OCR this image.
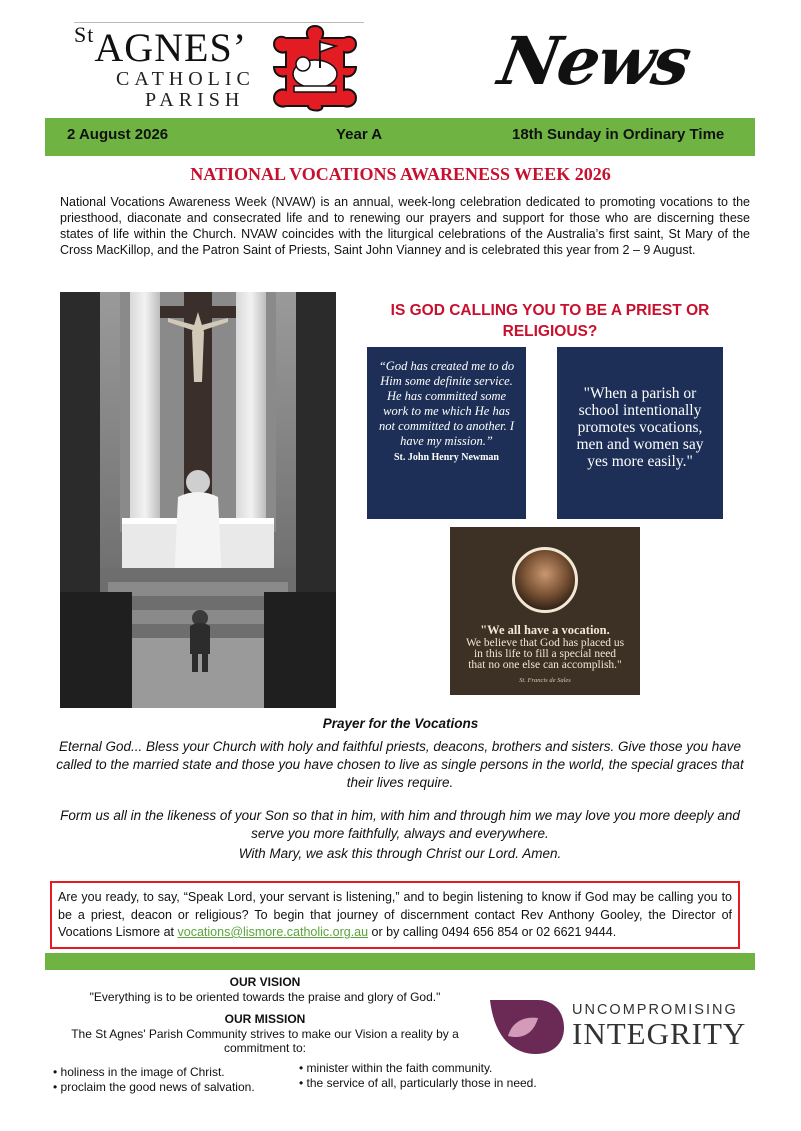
$^{St}$AGNES’
CATHOLIC
PARISH	News
2 August 2026	Year A	18th Sunday in Ordinary Time
NATIONAL VOCATIONS AWARENESS WEEK 2026
National Vocations Awareness Week (NVAW) is an annual, week-long celebration dedicated to promoting vocations to the priesthood, diaconate and consecrated life and to renewing our prayers and support for those who are discerning these states of life within the Church. NVAW coincides with the liturgical celebrations of the Australia’s first saint, St Mary of the Cross MacKillop, and the Patron Saint of Priests, Saint John Vianney and is celebrated this year from 2 – 9 August.
IS GOD CALLING YOU TO BE A PRIEST OR RELIGIOUS?
“God has created me to do Him some definite service. He has committed some work to me which He has not committed to another. I have my mission.”
St. John Henry Newman
"When a parish or school intentionally promotes vocations, men and women say yes more easily."
"We all have a vocation.
We believe that God has placed us in this life to fill a special need that no one else can accomplish."
St. Francis de Sales
Prayer for the Vocations
Eternal God... Bless your Church with holy and faithful priests, deacons, brothers and sisters. Give those you have called to the married state and those you have chosen to live as single persons in the world, the special graces that their lives require.
Form us all in the likeness of your Son so that in him, with him and through him we may love you more deeply and serve you more faithfully, always and everywhere.
With Mary, we ask this through Christ our Lord. Amen.

Are you ready, to say, “Speak Lord, your servant is listening,” and to begin listening to know if God may be calling you to be a priest, deacon or religious? To begin that journey of discernment contact Rev Anthony Gooley, the Director of Vocations Lismore at vocations@lismore.catholic.org.au or by calling 0494 656 854 or 02 6621 9444.

OUR VISION
"Everything is to be oriented towards the praise and glory of God."
OUR MISSION
The St Agnes' Parish Community strives to make our Vision a reality by a commitment to:
• holiness in the image of Christ.
• proclaim the good news of salvation.
• minister within the faith community.
• the service of all, particularly those in need.
UNCOMPROMISING
INTEGRITY
